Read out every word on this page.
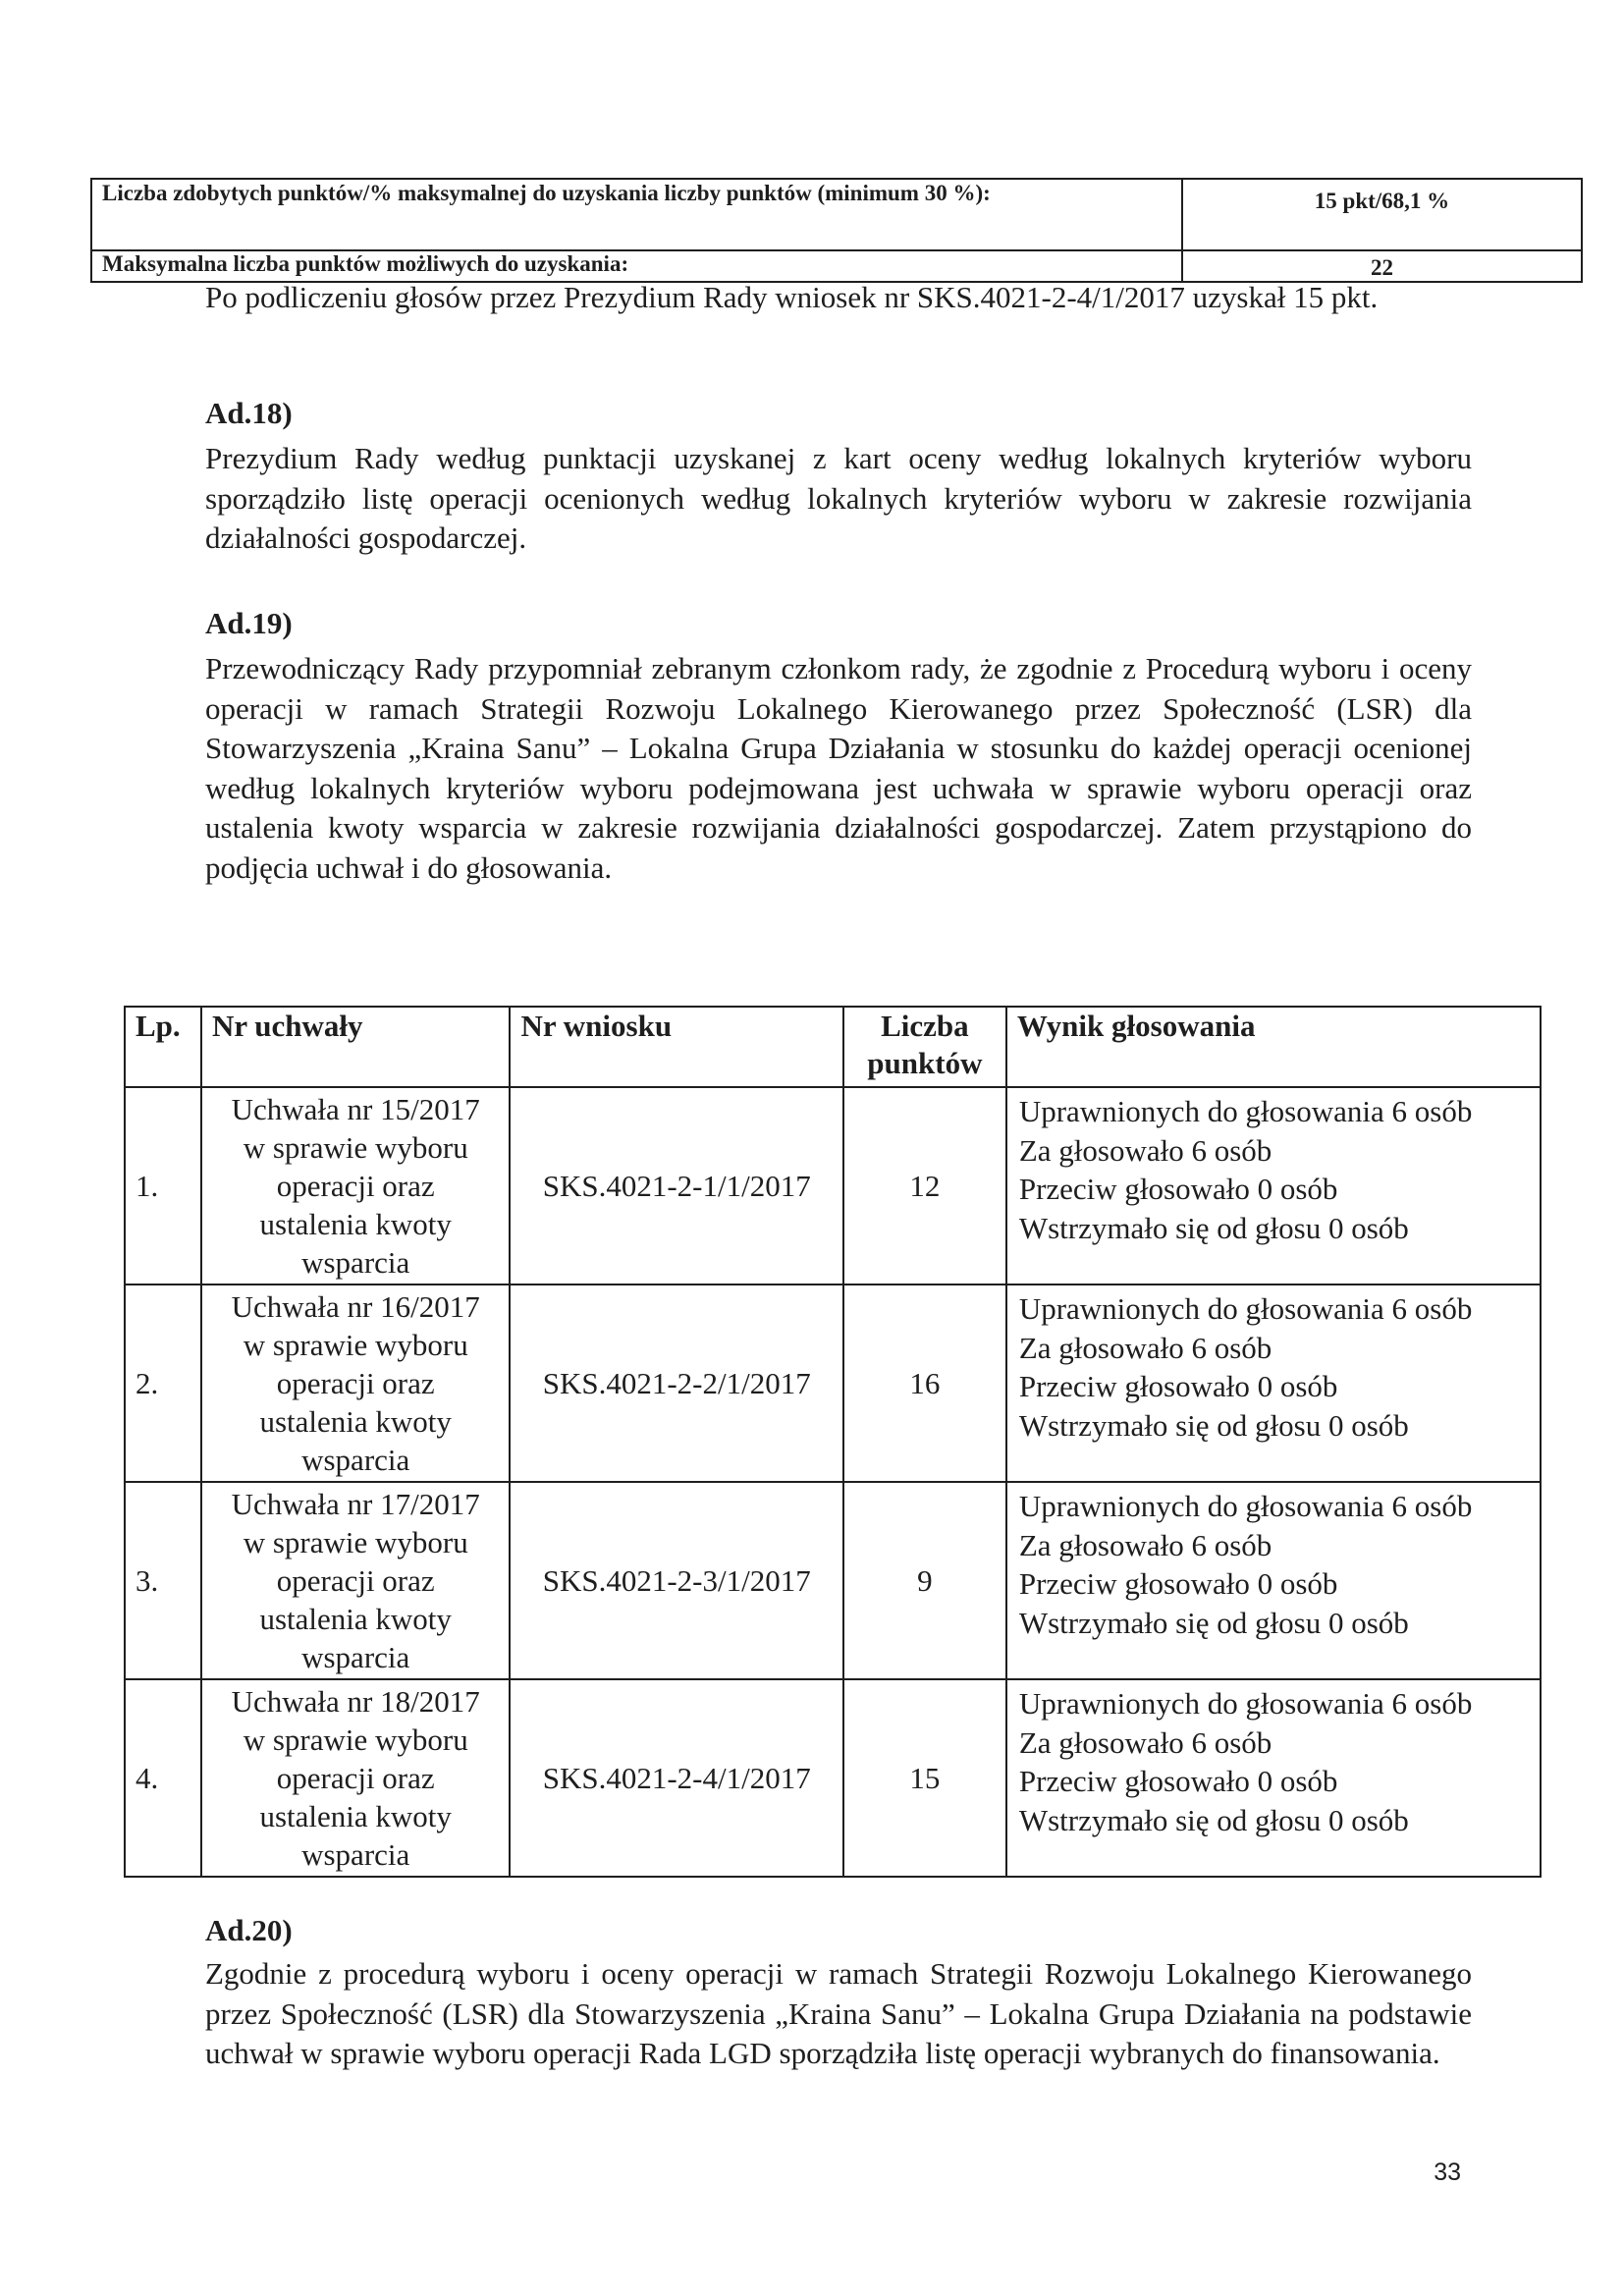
Liczba zdobytych punktów/% maksymalnej do uzyskania liczby punktów (minimum 30 %):	15 pkt/68,1 %
Maksymalna liczba punktów możliwych do uzyskania:	22

Po podliczeniu głosów przez Prezydium Rady wniosek nr SKS.4021-2-4/1/2017 uzyskał 15 pkt.

Ad.18)

Prezydium Rady według punktacji uzyskanej z kart oceny według lokalnych kryteriów wyboru sporządziło listę operacji ocenionych według lokalnych kryteriów wyboru w zakresie rozwijania działalności gospodarczej.

Ad.19)

Przewodniczący Rady przypomniał zebranym członkom rady, że zgodnie z Procedurą wyboru i oceny operacji w ramach Strategii Rozwoju Lokalnego Kierowanego przez Społeczność (LSR) dla Stowarzyszenia „Kraina Sanu” – Lokalna Grupa Działania w stosunku do każdej operacji ocenionej według lokalnych kryteriów wyboru podejmowana jest uchwała w sprawie wyboru operacji oraz ustalenia kwoty wsparcia w zakresie rozwijania działalności gospodarczej. Zatem przystąpiono do podjęcia uchwał i do głosowania.

Lp.	Nr uchwały	Nr wniosku	Liczba punktów	Wynik głosowania
1.	Uchwała nr 15/2017
w sprawie wyboru
operacji oraz
ustalenia kwoty
wsparcia	SKS.4021-2-1/1/2017	12	Uprawnionych do głosowania 6 osób
Za głosowało 6 osób
Przeciw głosowało 0 osób
Wstrzymało się od głosu 0 osób

2.	Uchwała nr 16/2017
w sprawie wyboru
operacji oraz
ustalenia kwoty
wsparcia	SKS.4021-2-2/1/2017	16	Uprawnionych do głosowania 6 osób
Za głosowało 6 osób
Przeciw głosowało 0 osób
Wstrzymało się od głosu 0 osób

3.	Uchwała nr 17/2017
w sprawie wyboru
operacji oraz
ustalenia kwoty
wsparcia	SKS.4021-2-3/1/2017	9	Uprawnionych do głosowania 6 osób
Za głosowało 6 osób
Przeciw głosowało 0 osób
Wstrzymało się od głosu 0 osób

4.	Uchwała nr 18/2017
w sprawie wyboru
operacji oraz
ustalenia kwoty
wsparcia	SKS.4021-2-4/1/2017	15	Uprawnionych do głosowania 6 osób
Za głosowało 6 osób
Przeciw głosowało 0 osób
Wstrzymało się od głosu 0 osób

Ad.20)

Zgodnie z procedurą wyboru i oceny operacji w ramach Strategii Rozwoju Lokalnego Kierowanego przez Społeczność (LSR) dla Stowarzyszenia „Kraina Sanu” – Lokalna Grupa Działania na podstawie uchwał w sprawie wyboru operacji Rada LGD sporządziła listę operacji wybranych do finansowania.

33
